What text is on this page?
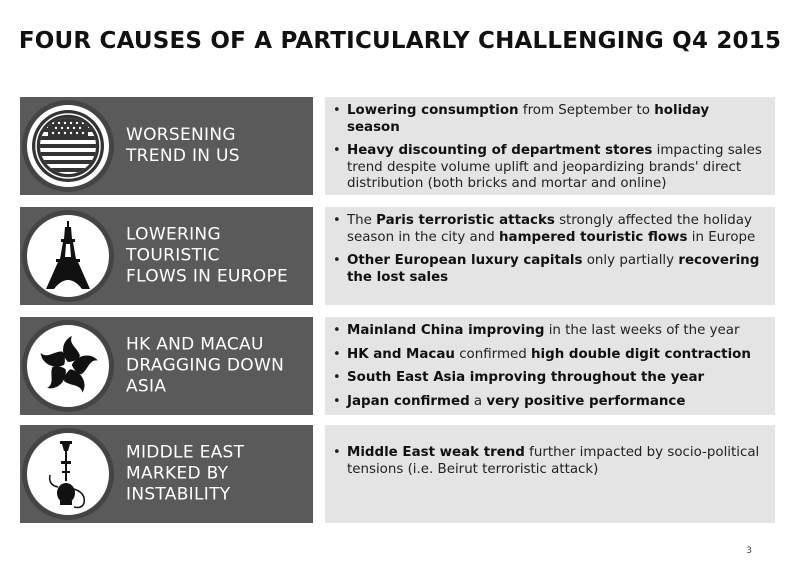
FOUR CAUSES OF A PARTICULARLY CHALLENGING Q4 2015
WORSENING
TREND IN US
• Lowering consumption from September to holiday season
• Heavy discounting of department stores impacting sales trend despite volume uplift and jeopardizing brands' direct distribution (both bricks and mortar and online)
LOWERING
TOURISTIC
FLOWS IN EUROPE
• The Paris terroristic attacks strongly affected the holiday season in the city and hampered touristic flows in Europe
• Other European luxury capitals only partially recovering the lost sales
HK AND MACAU
DRAGGING DOWN
ASIA
• Mainland China improving in the last weeks of the year
• HK and Macau confirmed high double digit contraction
• South East Asia improving throughout the year
• Japan confirmed a very positive performance
MIDDLE EAST
MARKED BY
INSTABILITY
• Middle East weak trend further impacted by socio-political tensions (i.e. Beirut terroristic attack)
3
